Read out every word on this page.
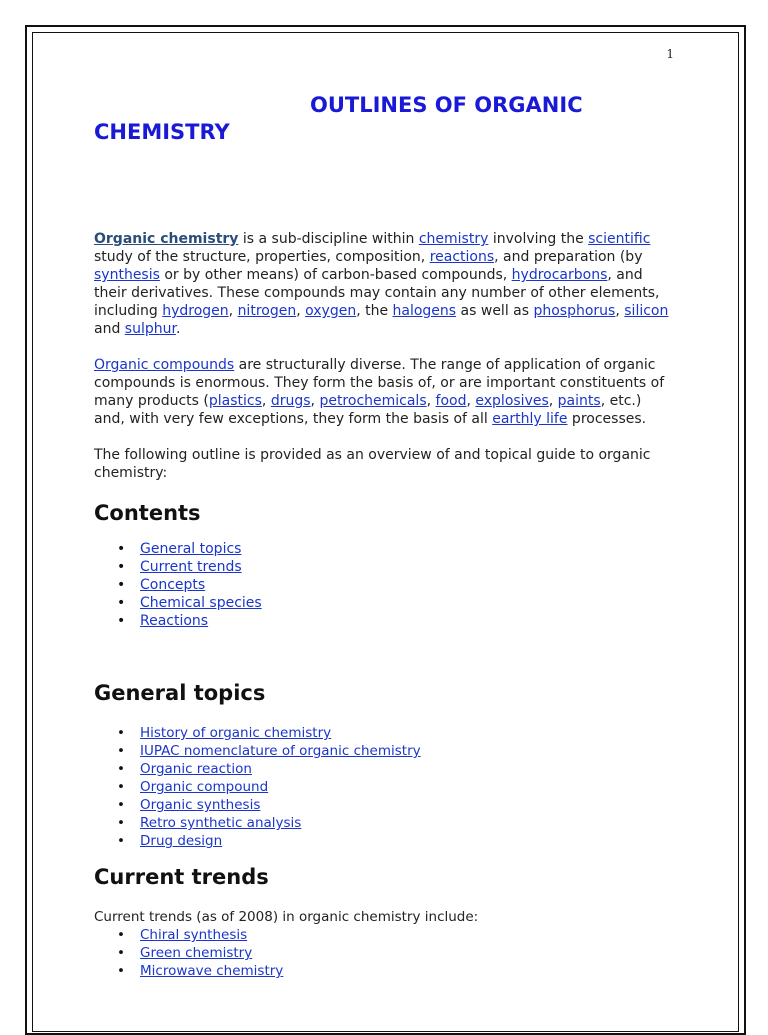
1
OUTLINES OF ORGANIC CHEMISTRY

Organic chemistry is a sub-discipline within chemistry involving the scientific study of the structure, properties, composition, reactions, and preparation (by synthesis or by other means) of carbon-based compounds, hydrocarbons, and their derivatives. These compounds may contain any number of other elements, including hydrogen, nitrogen, oxygen, the halogens as well as phosphorus, silicon and sulphur.

Organic compounds are structurally diverse. The range of application of organic compounds is enormous. They form the basis of, or are important constituents of many products (plastics, drugs, petrochemicals, food, explosives, paints, etc.) and, with very few exceptions, they form the basis of all earthly life processes.

The following outline is provided as an overview of and topical guide to organic chemistry:

Contents
• General topics
• Current trends
• Concepts
• Chemical species
• Reactions
General topics
• History of organic chemistry
• IUPAC nomenclature of organic chemistry
• Organic reaction
• Organic compound
• Organic synthesis
• Retro synthetic analysis
• Drug design
Current trends

Current trends (as of 2008) in organic chemistry include:

• Chiral synthesis
• Green chemistry
• Microwave chemistry
